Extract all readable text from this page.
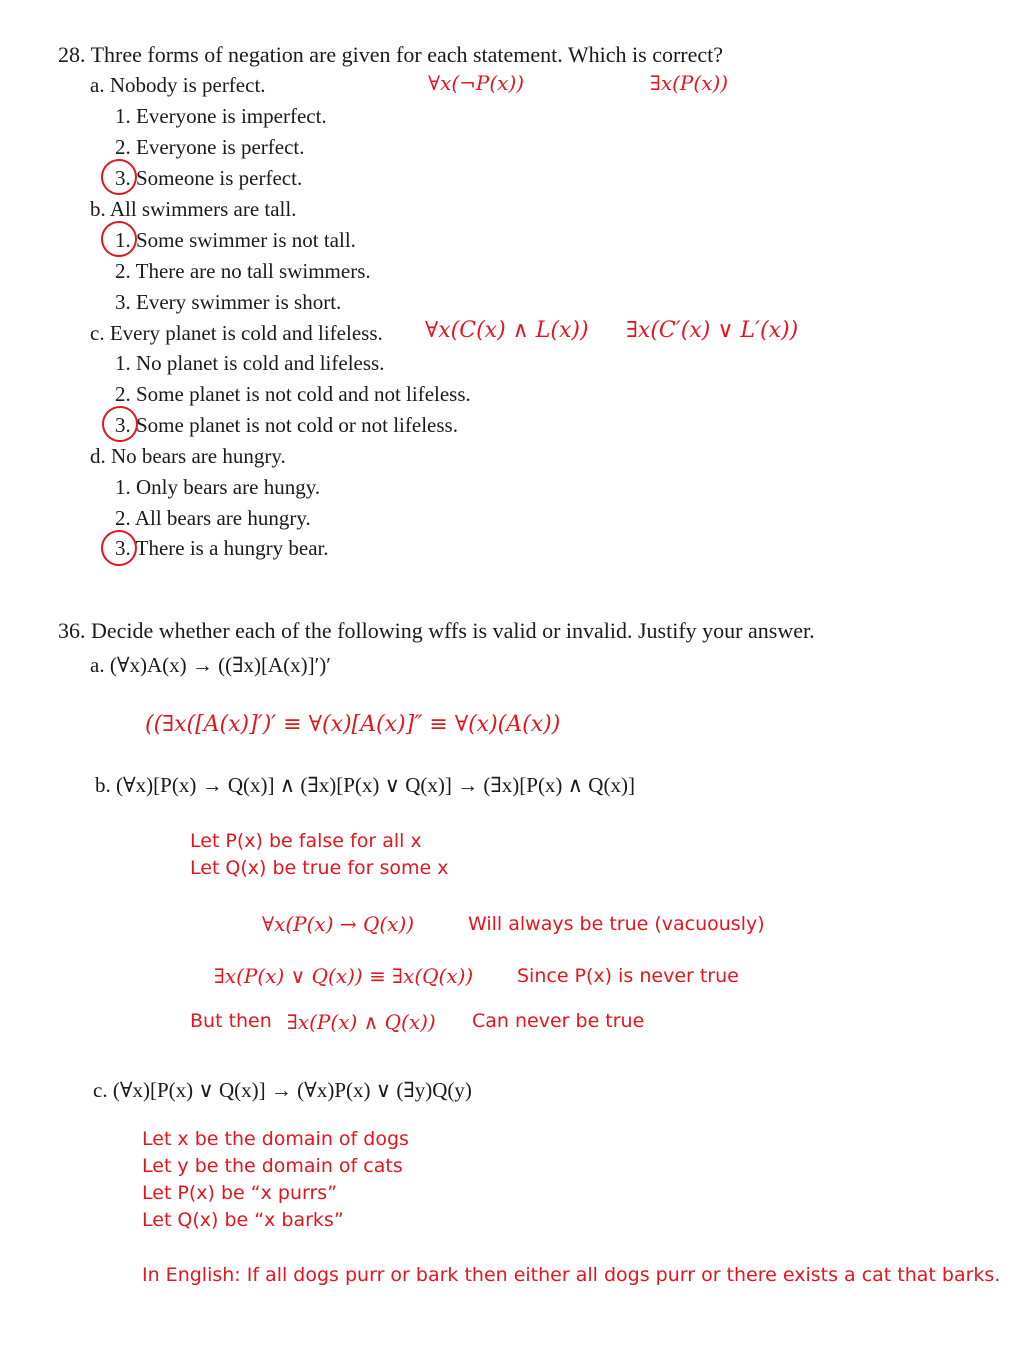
28. Three forms of negation are given for each statement. Which is correct?
a. Nobody is perfect.	∀x(¬P(x))	∃x(P(x))
1. Everyone is imperfect.
2. Everyone is perfect.
3. Someone is perfect.
b. All swimmers are tall.
1. Some swimmer is not tall.
2. There are no tall swimmers.
3. Every swimmer is short.
c. Every planet is cold and lifeless. ∀x(C(x) ∧ L(x)) ∃x(C′(x) ∨ L′(x))
1. No planet is cold and lifeless.
2. Some planet is not cold and not lifeless.
3. Some planet is not cold or not lifeless.
d. No bears are hungry.
1. Only bears are hungy.
2. All bears are hungry.
3. There is a hungry bear.
36. Decide whether each of the following wffs is valid or invalid. Justify your answer.
a. (∀x)A(x) → ((∃x)[A(x)]′)′
((∃x([A(x)]′)′ ≡ ∀(x)[A(x)]″ ≡ ∀(x)(A(x))
b. (∀x)[P(x) → Q(x)] ∧ (∃x)[P(x) ∨ Q(x)] → (∃x)[P(x) ∧ Q(x)]
Let P(x) be false for all x
Let Q(x) be true for some x
∀x(P(x) → Q(x))	Will always be true (vacuously)
∃x(P(x) ∨ Q(x)) ≡ ∃x(Q(x)) Since P(x) is never true
But then ∃x(P(x) ∧ Q(x)) Can never be true
c. (∀x)[P(x) ∨ Q(x)] → (∀x)P(x) ∨ (∃y)Q(y)
Let x be the domain of dogs
Let y be the domain of cats
Let P(x) be “x purrs”
Let Q(x) be “x barks”
In English: If all dogs purr or bark then either all dogs purr or there exists a cat that barks.
